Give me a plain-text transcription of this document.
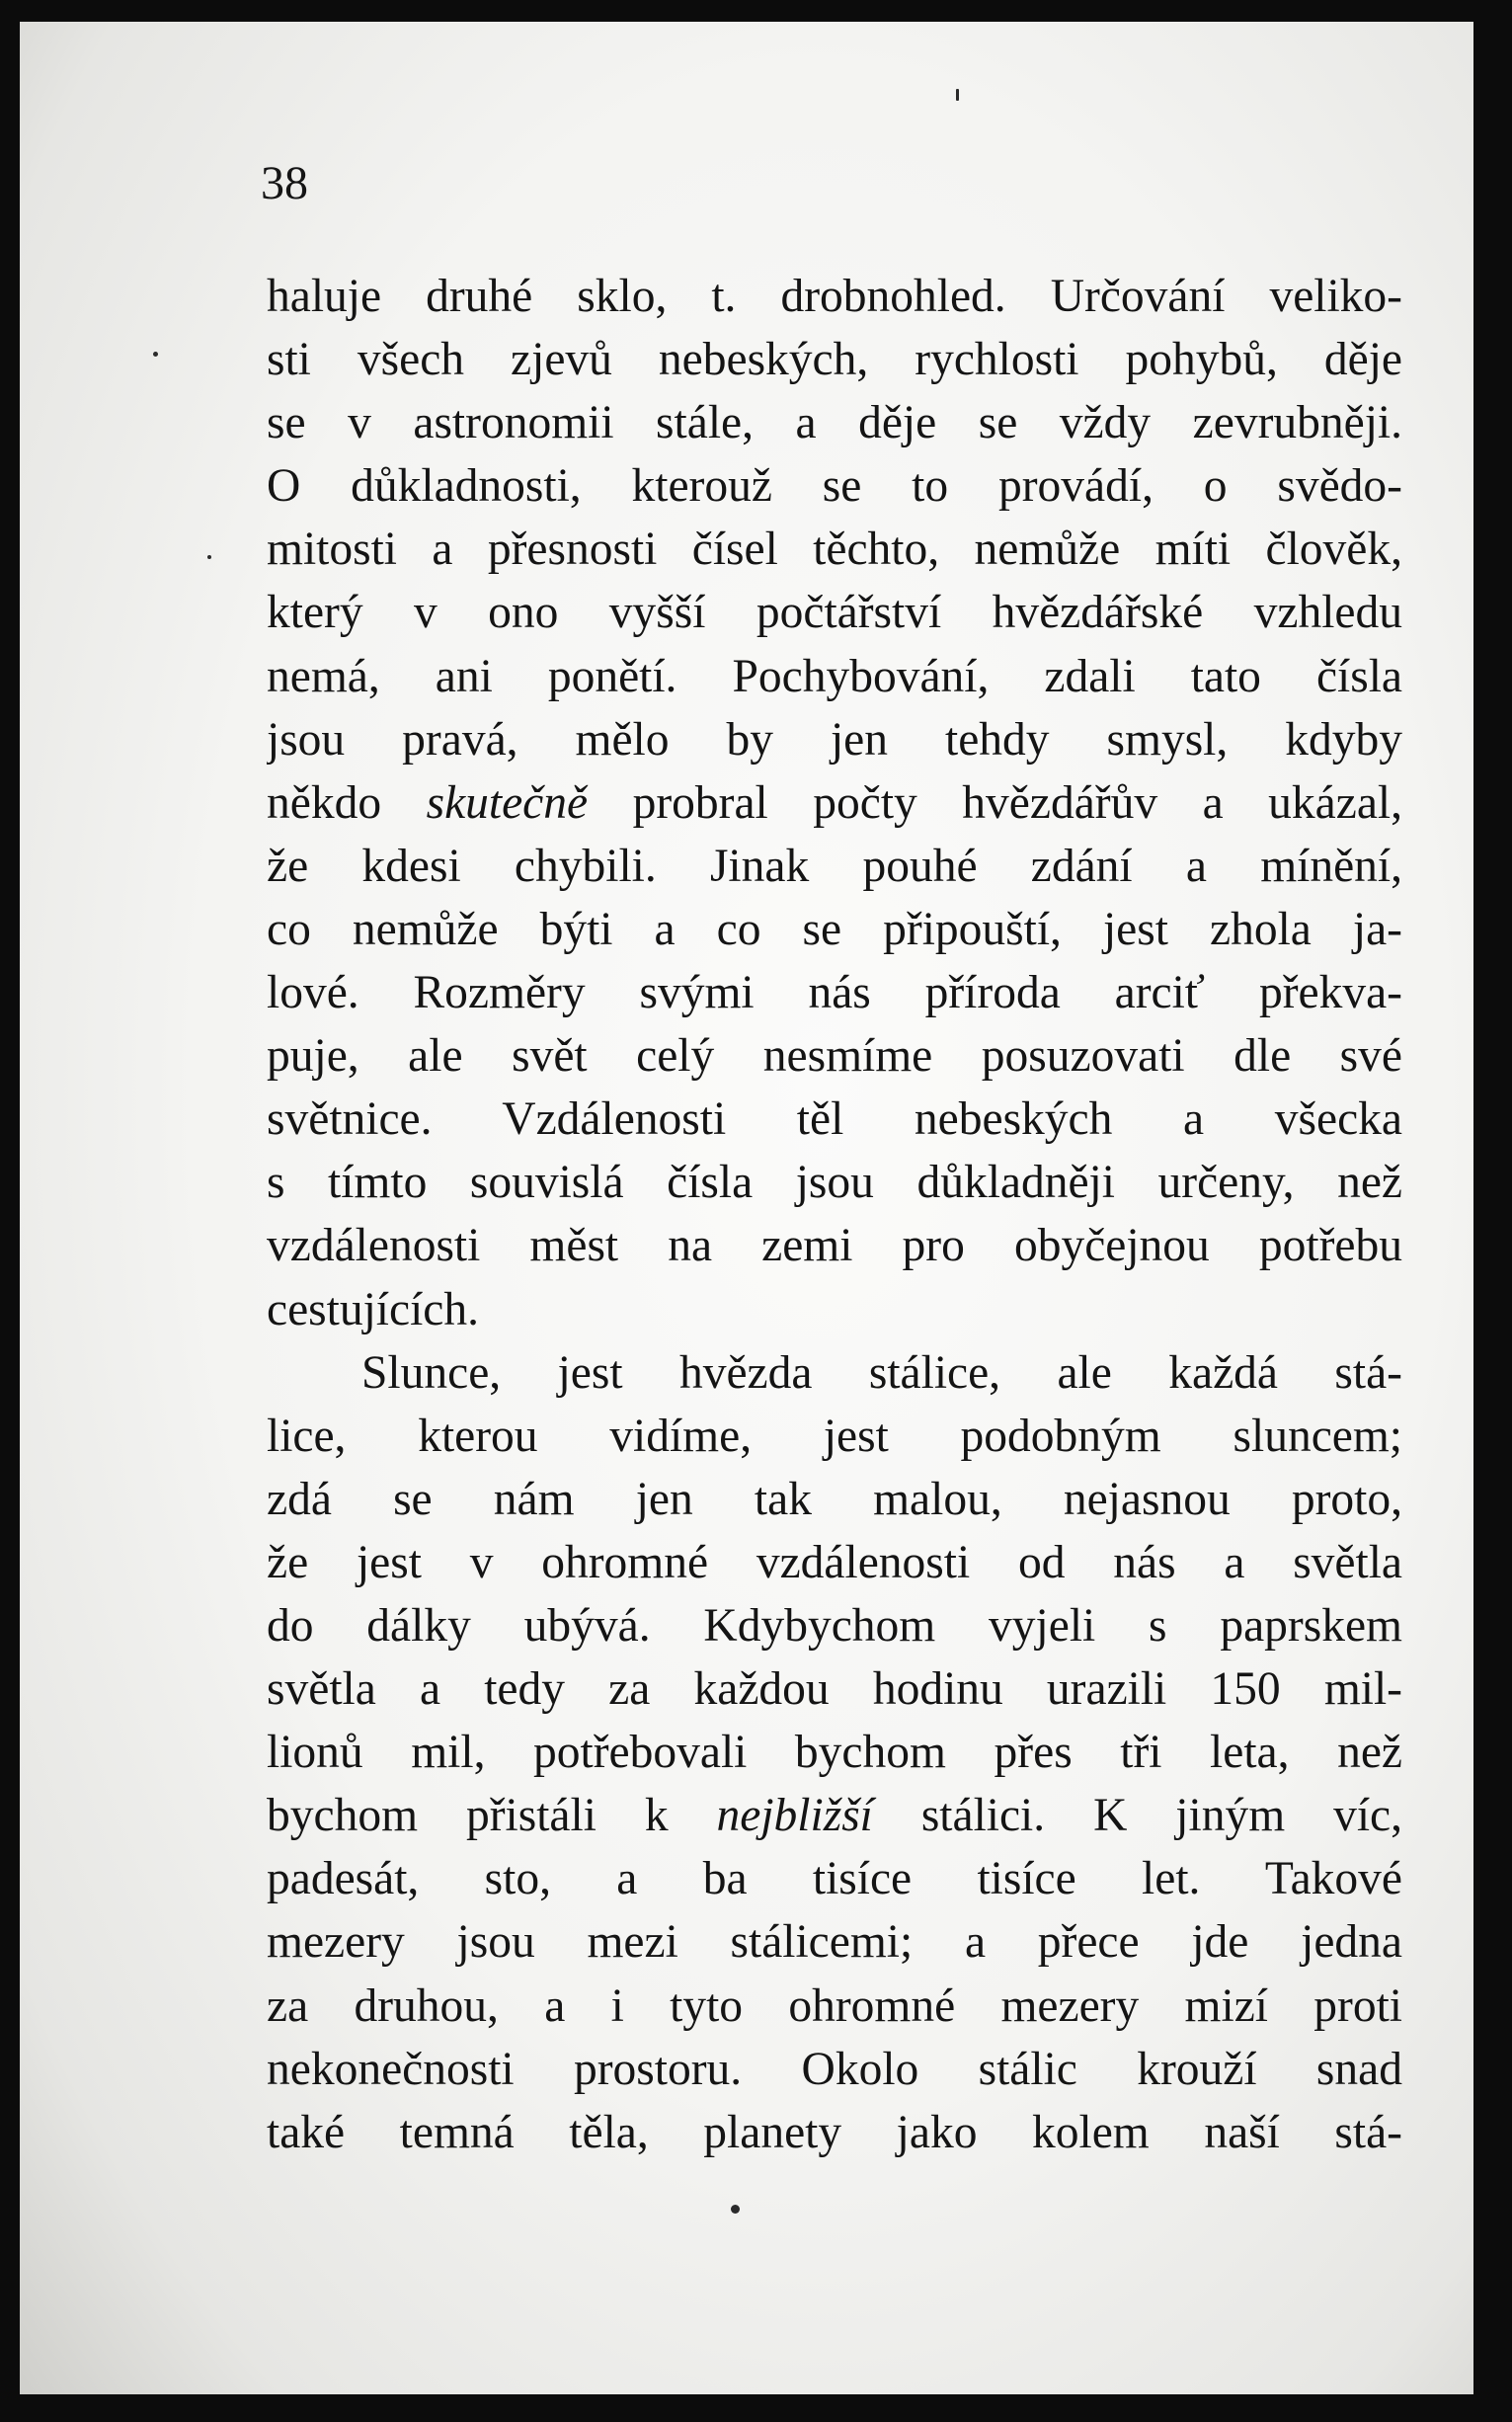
38
haluje druhé sklo, t. drobnohled. Určování veliko-
sti všech zjevů nebeských, rychlosti pohybů, děje
se v astronomii stále, a děje se vždy zevrubněji.
O důkladnosti, kterouž se to provádí, o svědo-
mitosti a přesnosti čísel těchto, nemůže míti člověk,
který v ono vyšší počtářství hvězdářské vzhledu
nemá, ani ponětí. Pochybování, zdali tato čísla
jsou pravá, mělo by jen tehdy smysl, kdyby
někdo skutečně probral počty hvězdářův a ukázal,
že kdesi chybili. Jinak pouhé zdání a mínění,
co nemůže býti a co se připouští, jest zhola ja-
lové. Rozměry svými nás příroda arciť překva-
puje, ale svět celý nesmíme posuzovati dle své
světnice. Vzdálenosti těl nebeských a všecka
s tímto souvislá čísla jsou důkladněji určeny, než
vzdálenosti měst na zemi pro obyčejnou potřebu
cestujících.
Slunce, jest hvězda stálice, ale každá stá-
lice, kterou vidíme, jest podobným sluncem;
zdá se nám jen tak malou, nejasnou proto,
že jest v ohromné vzdálenosti od nás a světla
do dálky ubývá. Kdybychom vyjeli s paprskem
světla a tedy za každou hodinu urazili 150 mil-
lionů mil, potřebovali bychom přes tři leta, než
bychom přistáli k nejbližší stálici. K jiným víc,
padesát, sto, a ba tisíce tisíce let. Takové
mezery jsou mezi stálicemi; a přece jde jedna
za druhou, a i tyto ohromné mezery mizí proti
nekonečnosti prostoru. Okolo stálic krouží snad
také temná těla, planety jako kolem naší stá-
